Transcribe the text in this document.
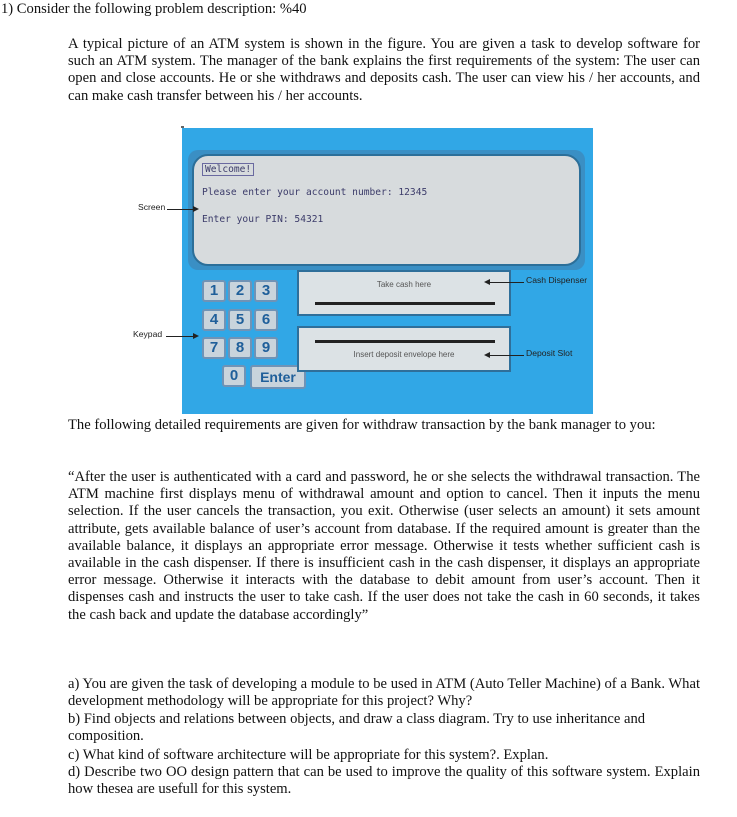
1) Consider the following problem description: %40
A typical picture of an ATM system is shown in the figure. You are given a task to develop software for such an ATM system. The manager of the bank explains the first requirements of the system: The user can open and close accounts. He or she withdraws and deposits cash. The user can view his / her accounts, and can make cash transfer between his / her accounts.
Welcome!
Please enter your account number: 12345
Enter your PIN: 54321
1	2	3
4	5	6
7	8	9
0	Enter
Take cash here
Insert deposit envelope here
Screen
Keypad
Cash Dispenser
Deposit Slot
The following detailed requirements are given for withdraw transaction by the bank manager to you:
“After the user is authenticated with a card and password, he or she selects the withdrawal transaction. The ATM machine first displays menu of withdrawal amount and option to cancel. Then it inputs the menu selection. If the user cancels the transaction, you exit. Otherwise (user selects an amount) it sets amount attribute, gets available balance of user’s account from database. If the required amount is greater than the available balance, it displays an appropriate error message. Otherwise it tests whether sufficient cash is available in the cash dispenser. If there is insufficient cash in the cash dispenser, it displays an appropriate error message. Otherwise it interacts with the database to debit amount from user’s account. Then it dispenses cash and instructs the user to take cash. If the user does not take the cash in 60 seconds, it takes the cash back and update the database accordingly”
a) You are given the task of developing a module to be used in ATM (Auto Teller Machine) of a Bank. What development methodology will be appropriate for this project? Why?
b) Find objects and relations between objects, and draw a class diagram. Try to use inheritance and composition.
c) What kind of software architecture will be appropriate for this system?. Explan.
d) Describe two OO design pattern that can be used to improve the quality of this software system. Explain how thesea are usefull for this system.
